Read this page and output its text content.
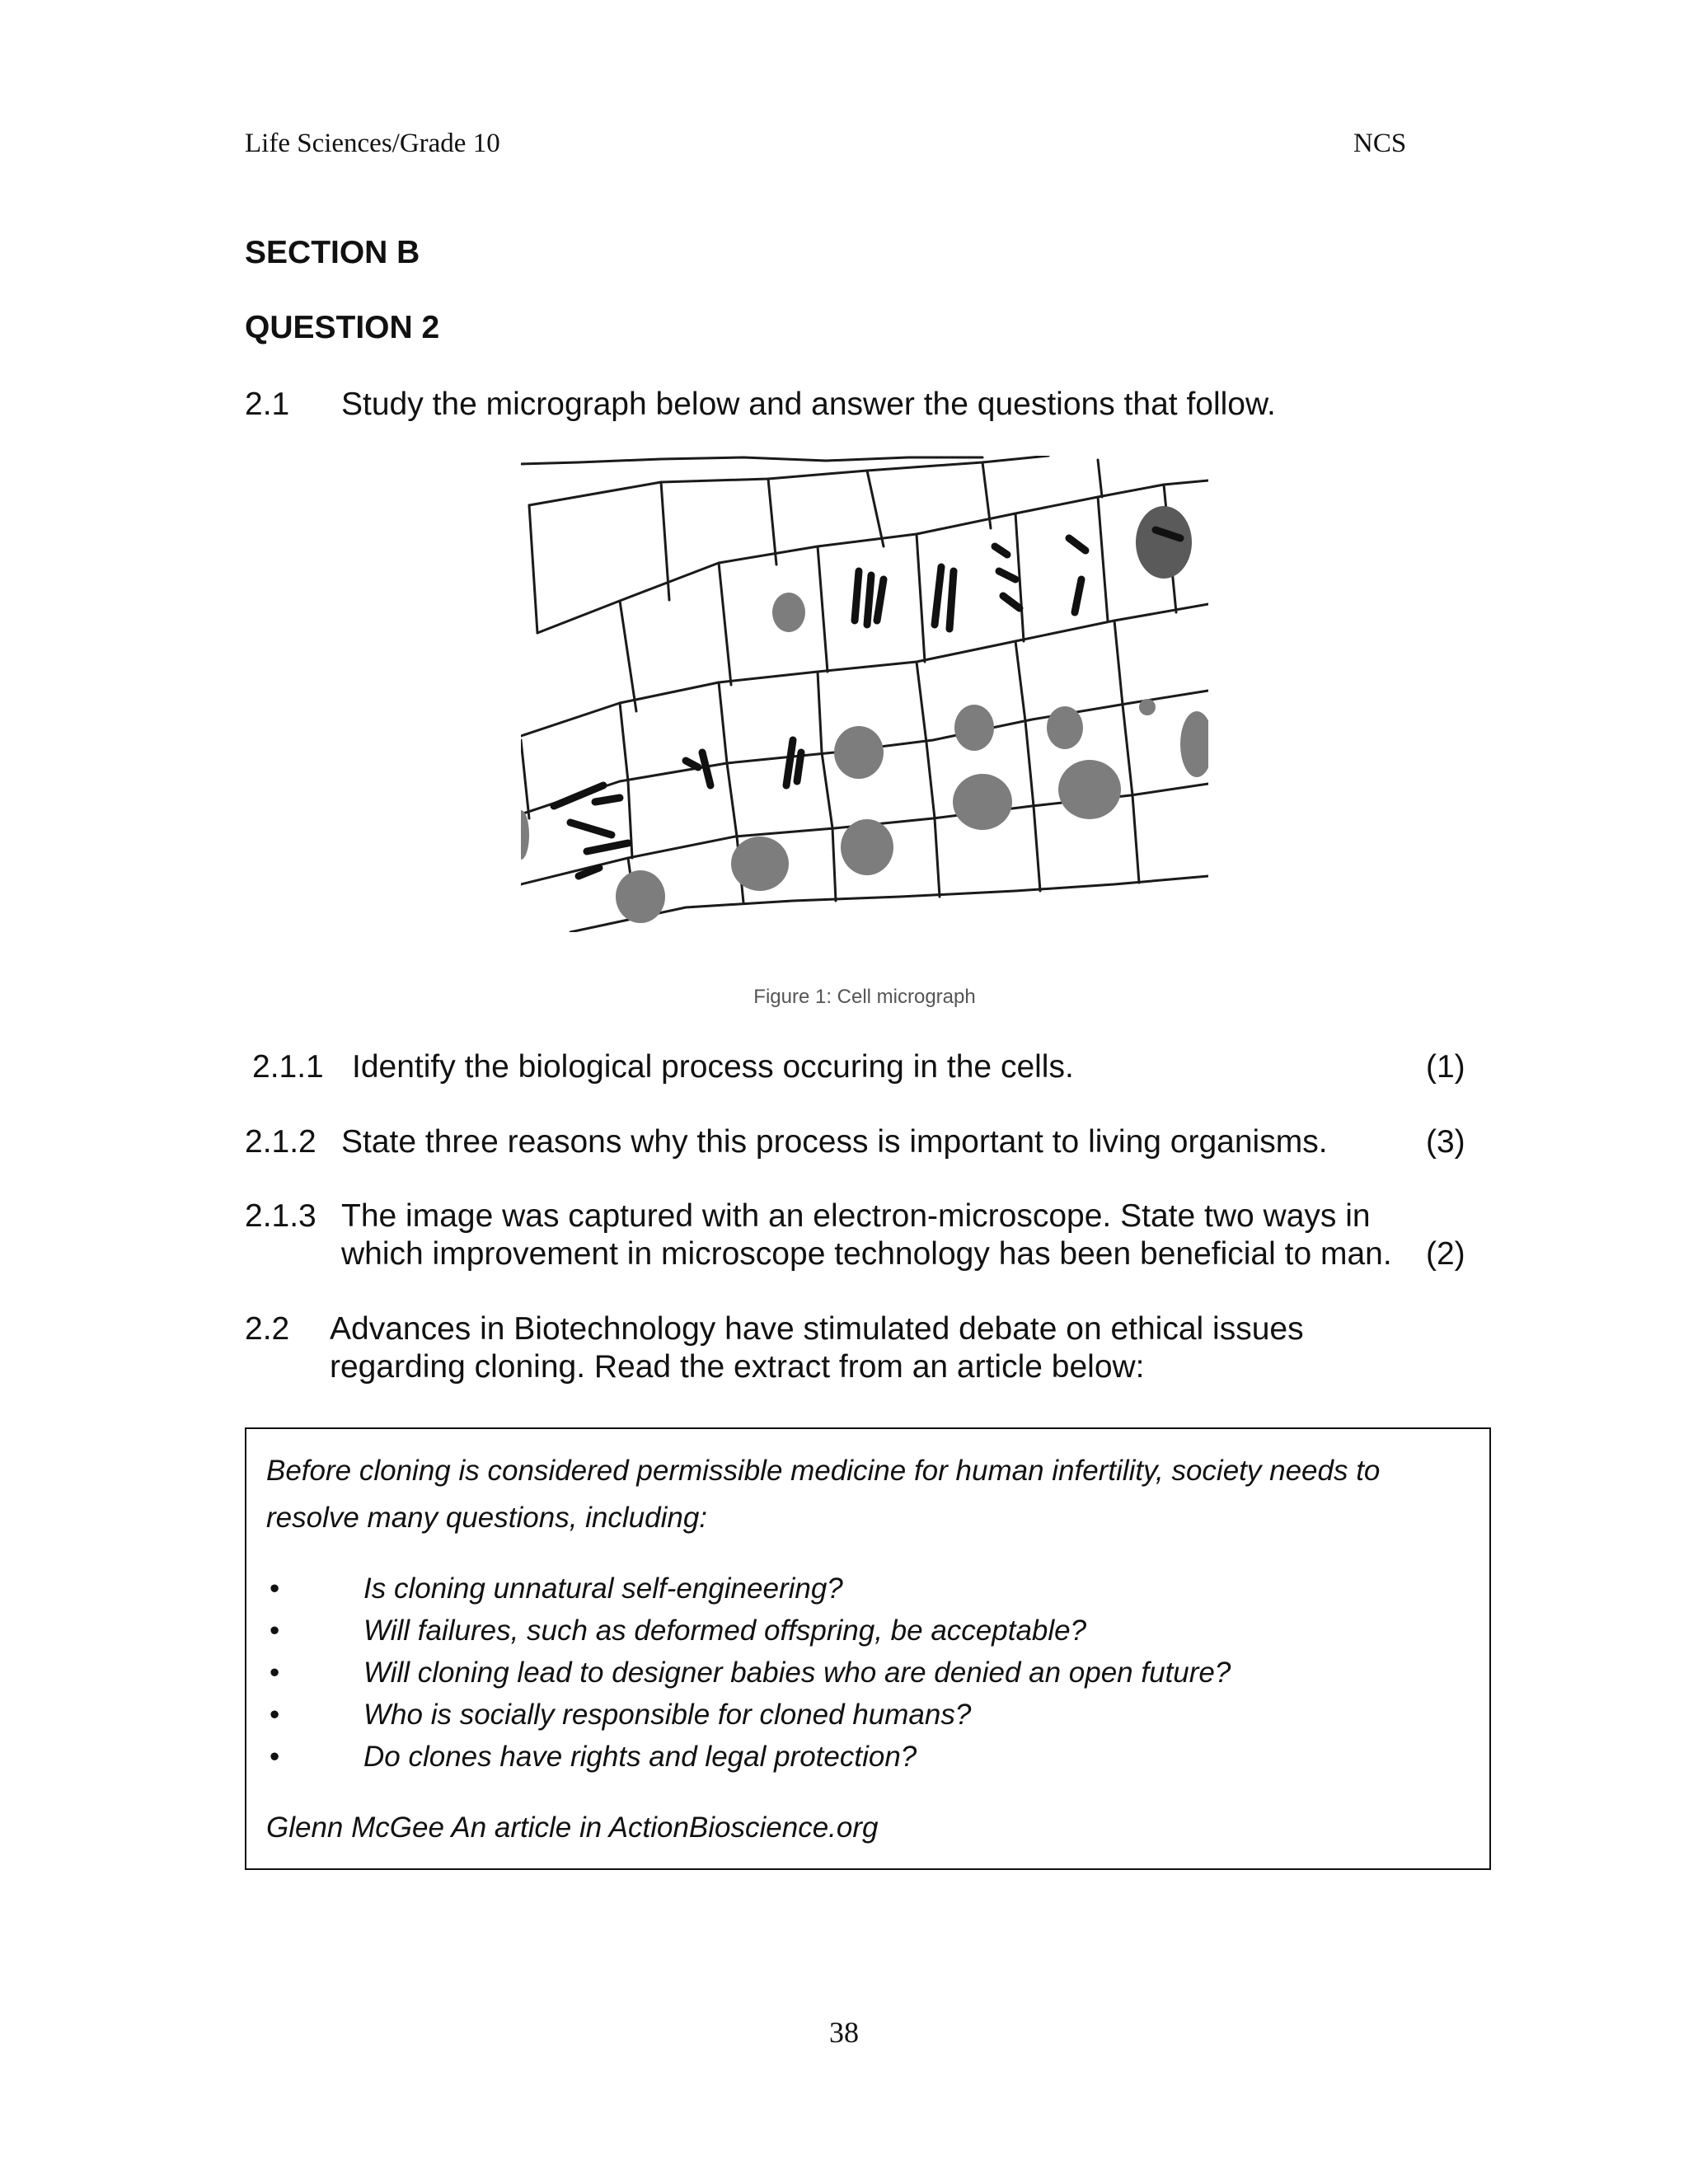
Life Sciences/Grade 10	NCS
SECTION B
QUESTION 2
2.1 Study the micrograph below and answer the questions that follow.
Figure 1: Cell micrograph
2.1.1 Identify the biological process occuring in the cells.	(1)
2.1.2 State three reasons why this process is important to living organisms.	(3)
2.1.3 The image was captured with an electron-microscope. State two ways in
which improvement in microscope technology has been beneficial to man. (2)
2.2 Advances in Biotechnology have stimulated debate on ethical issues
regarding cloning. Read the extract from an article below:
Before cloning is considered permissible medicine for human infertility, society needs to resolve many questions, including:
•	Is cloning unnatural self-engineering?
•	Will failures, such as deformed offspring, be acceptable?
•	Will cloning lead to designer babies who are denied an open future?
•	Who is socially responsible for cloned humans?
•	Do clones have rights and legal protection?
Glenn McGee An article in ActionBioscience.org
38
